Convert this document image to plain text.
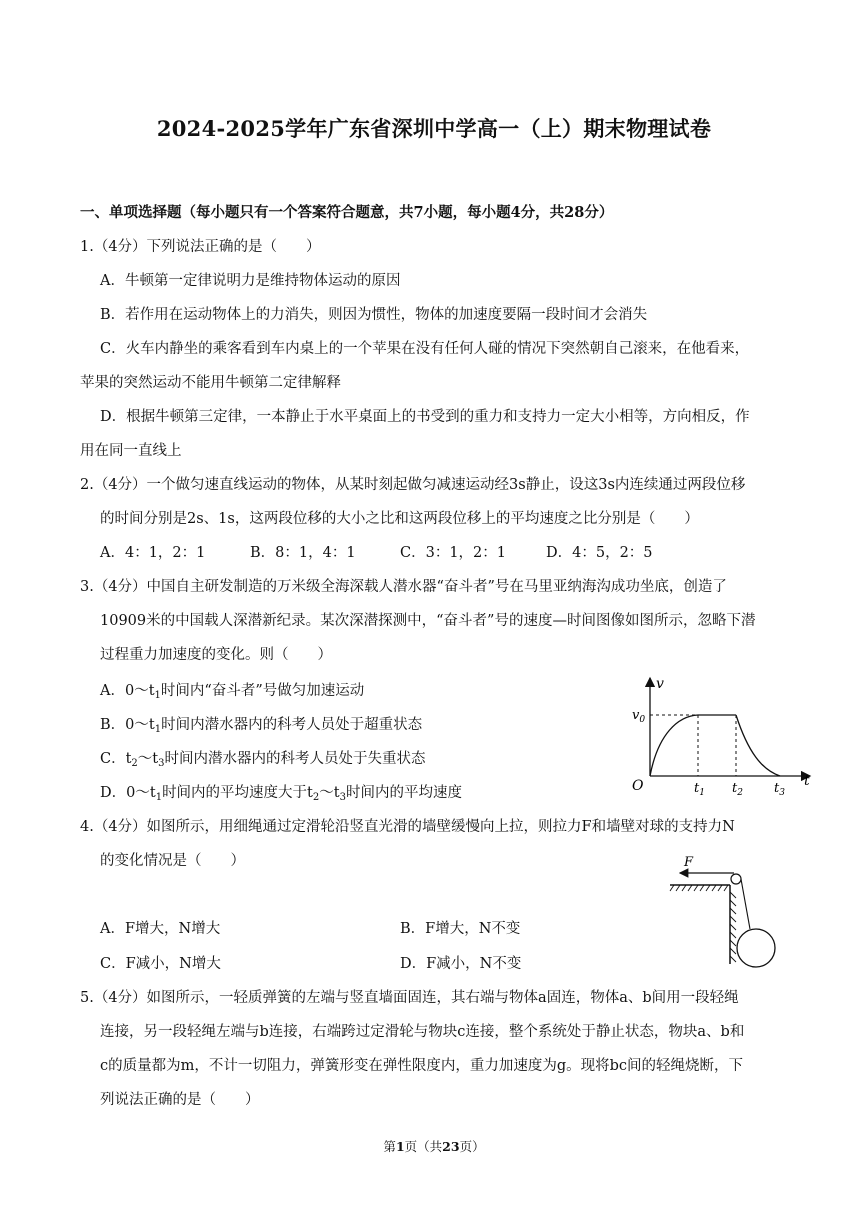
2024-2025学年广东省深圳中学高一（上）期末物理试卷
一、单项选择题（每小题只有一个答案符合题意，共7小题，每小题4分，共28分）
1.（4分）下列说法正确的是（　　）
A．牛顿第一定律说明力是维持物体运动的原因
B．若作用在运动物体上的力消失，则因为惯性，物体的加速度要隔一段时间才会消失
C．火车内静坐的乘客看到车内桌上的一个苹果在没有任何人碰的情况下突然朝自己滚来，在他看来，
苹果的突然运动不能用牛顿第二定律解释
D．根据牛顿第三定律，一本静止于水平桌面上的书受到的重力和支持力一定大小相等，方向相反，作
用在同一直线上
2.（4分）一个做匀速直线运动的物体，从某时刻起做匀减速运动经3s静止，设这3s内连续通过两段位移
的时间分别是2s、1s，这两段位移的大小之比和这两段位移上的平均速度之比分别是（　　）
A．4：1，2：1	B．8：1，4：1	C．3：1，2：1	D．4：5，2：5
3.（4分）中国自主研发制造的万米级全海深载人潜水器“奋斗者”号在马里亚纳海沟成功坐底，创造了
10909米的中国载人深潜新纪录。某次深潜探测中，“奋斗者”号的速度—时间图像如图所示，忽略下潜
过程重力加速度的变化。则（　　）
A．$0\sim t_1$时间内“奋斗者”号做匀加速运动
B．$0\sim t_1$时间内潜水器内的科考人员处于超重状态
C．$t_2\sim t_3$时间内潜水器内的科考人员处于失重状态
D．$0\sim t_1$时间内的平均速度大于$t_2\sim t_3$时间内的平均速度
v
t
O
$v_0$
$t_1$ $t_2$ $t_3$
4.（4分）如图所示，用细绳通过定滑轮沿竖直光滑的墙壁缓慢向上拉，则拉力F和墙壁对球的支持力N
的变化情况是（　　）
A．F增大，N增大	B．F增大，N不变
C．F减小，N增大	D．F减小，N不变
F
5.（4分）如图所示，一轻质弹簧的左端与竖直墙面固连，其右端与物体a固连，物体a、b间用一段轻绳
连接，另一段轻绳左端与b连接，右端跨过定滑轮与物块c连接，整个系统处于静止状态，物块a、b和
c的质量都为m，不计一切阻力，弹簧形变在弹性限度内，重力加速度为g。现将bc间的轻绳烧断，下
列说法正确的是（　　）
第1页（共23页）
